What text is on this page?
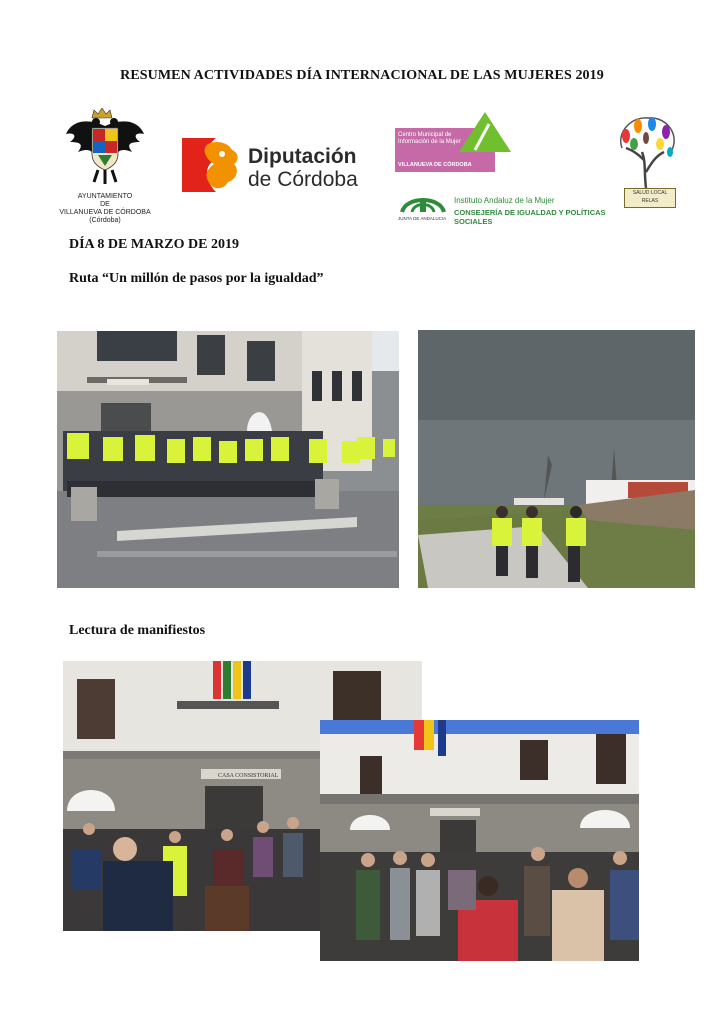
RESUMEN ACTIVIDADES DÍA INTERNACIONAL DE LAS MUJERES 2019
AYUNTAMIENTO
DE
VILLANUEVA DE CÓRDOBA
(Córdoba)
Diputación
de Córdoba
Centro Municipal de
Información de la Mujer
VILLANUEVA DE CÓRDOBA
JUNTA DE ANDALUCIA
Instituto Andaluz de la Mujer
CONSEJERÍA DE IGUALDAD Y POLÍTICAS SOCIALES
SALUD LOCAL
RELAS
DÍA 8 DE MARZO DE 2019
Ruta “Un millón de pasos por la igualdad”
Lectura de manifiestos
CASA CONSISTORIAL
